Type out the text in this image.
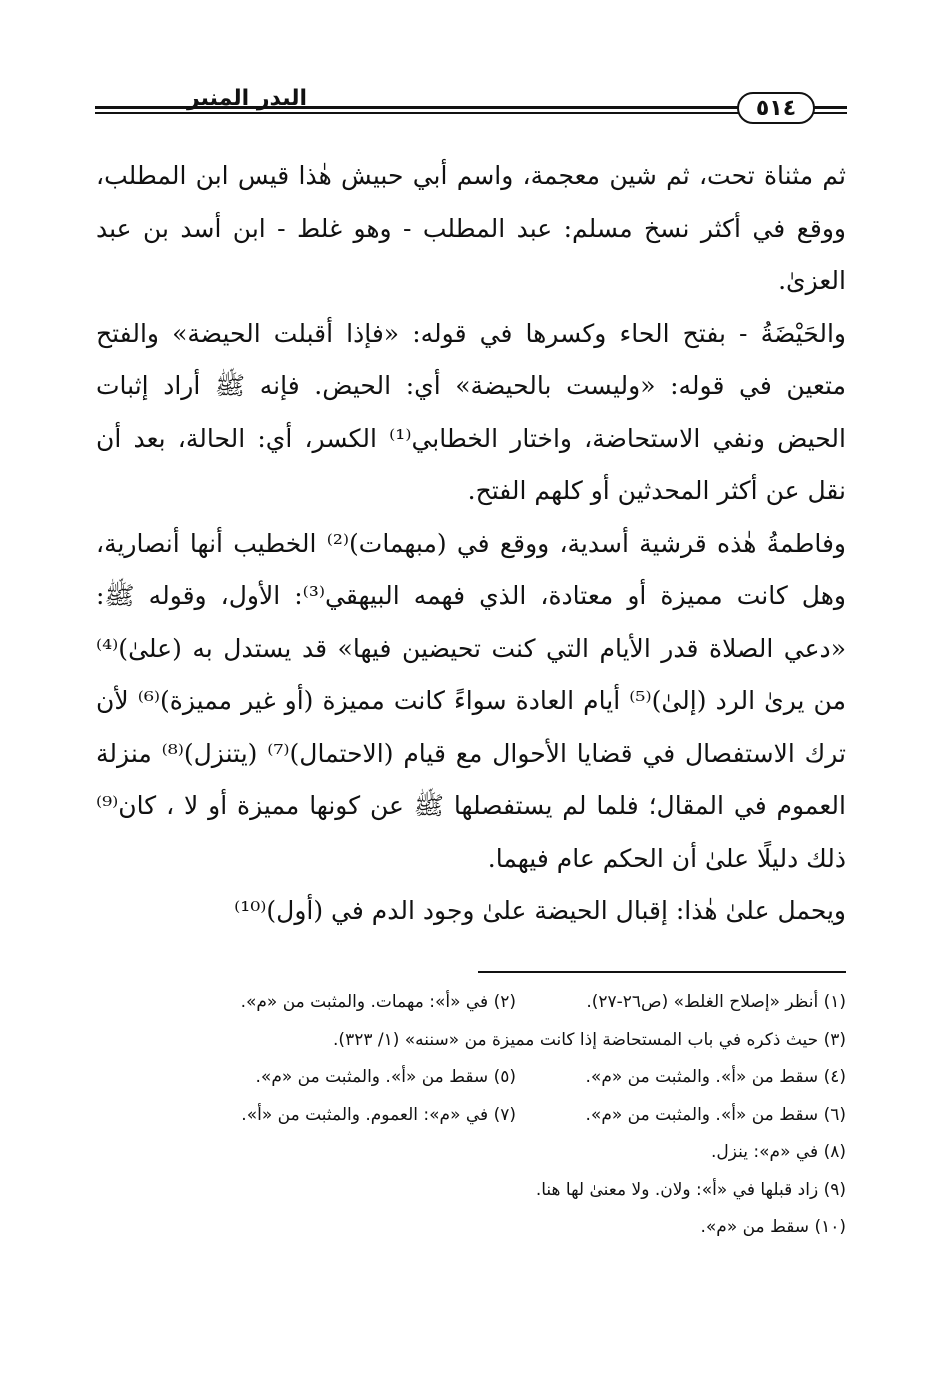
البدر المنير	٥١٤

ثم مثناة تحت، ثم شين معجمة، واسم أبي حبيش هٰذا قيس ابن المطلب، ووقع في أكثر نسخ مسلم: عبد المطلب - وهو غلط - ابن أسد بن عبد العزىٰ.

والحَيْضَةُ - بفتح الحاء وكسرها في قوله: «فإذا أقبلت الحيضة» والفتح متعين في قوله: «وليست بالحيضة» أي: الحيض. فإنه ﷺ أراد إثبات الحيض ونفي الاستحاضة، واختار الخطابي⁽¹⁾ الكسر، أي: الحالة، بعد أن نقل عن أكثر المحدثين أو كلهم الفتح.

وفاطمةُ هٰذه قرشية أسدية، ووقع في (مبهمات)⁽²⁾ الخطيب أنها أنصارية، وهل كانت مميزة أو معتادة، الذي فهمه البيهقي⁽³⁾: الأول، وقوله ﷺ: «دعي الصلاة قدر الأيام التي كنت تحيضين فيها» قد يستدل به (علىٰ)⁽⁴⁾ من يرىٰ الرد (إلىٰ)⁽⁵⁾ أيام العادة سواءً كانت مميزة (أو غير مميزة)⁽⁶⁾ لأن ترك الاستفصال في قضايا الأحوال مع قيام (الاحتمال)⁽⁷⁾ (يتنزل)⁽⁸⁾ منزلة العموم في المقال؛ فلما لم يستفصلها ﷺ عن كونها مميزة أو لا ، كان⁽⁹⁾ ذلك دليلًا علىٰ أن الحكم عام فيهما.

ويحمل علىٰ هٰذا: إقبال الحيضة علىٰ وجود الدم في (أول)⁽¹⁰⁾

(١) أنظر «إصلاح الغلط» (ص٢٦-٢٧).
(٢) في «أ»: مهمات. والمثبت من «م».
(٣) حيث ذكره في باب المستحاضة إذا كانت مميزة من «سننه» (١/ ٣٢٣).
(٤) سقط من «أ». والمثبت من «م».
(٥) سقط من «أ». والمثبت من «م».
(٦) سقط من «أ». والمثبت من «م».
(٧) في «م»: العموم. والمثبت من «أ».
(٨) في «م»: ينزل.
(٩) زاد قبلها في «أ»: ولان. ولا معنىٰ لها هنا.
(١٠) سقط من «م».
